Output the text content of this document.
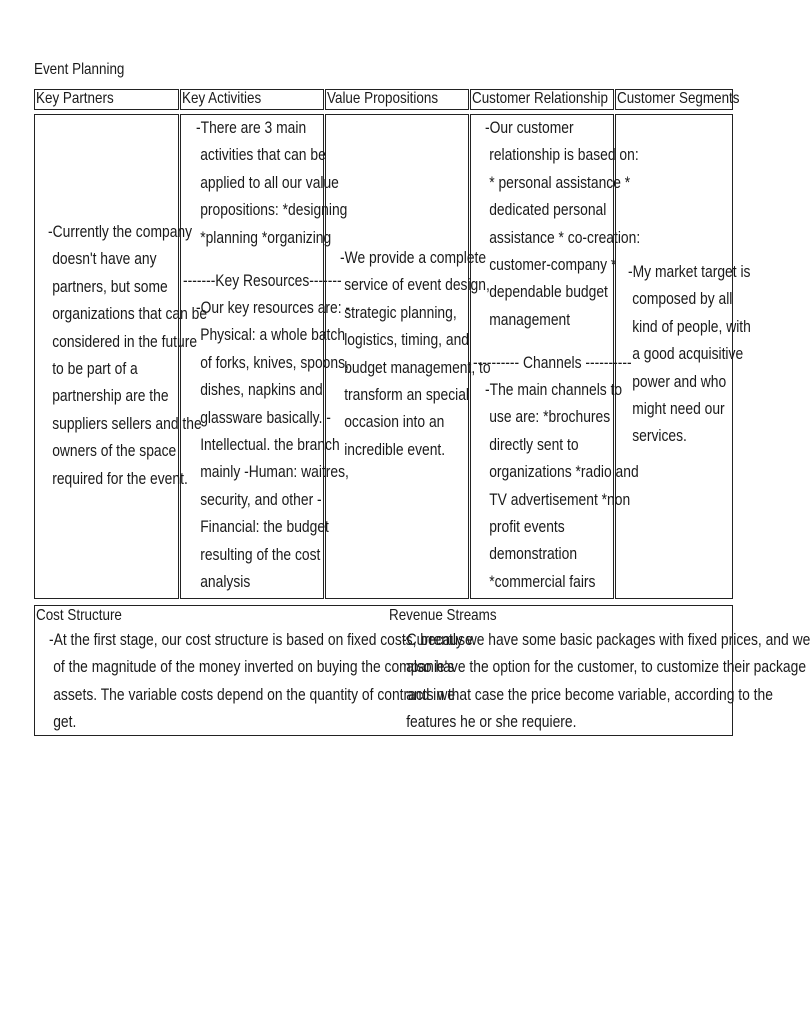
Event Planning
Key Partners	Key Activities	Value Propositions Customer Relationship Customer Segments
-Currently the company
doesn't have any
partners, but some
organizations that can be
considered in the future
to be part of a
partnership are the
suppliers sellers and the
owners of the space
required for the event.
-There are 3 main
activities that can be
applied to all our value
propositions: *designing
*planning *organizing
-------Key Resources-------
-Our key resources are: -
Physical: a whole batch
of forks, knives, spoons,
dishes, napkins and
glassware basically. -
Intellectual. the branch
mainly -Human: waitres,
security, and other -
Financial: the budget
resulting of the cost
analysis
-We provide a complete
service of event design,
strategic planning,
logistics, timing, and
budget management, to
transform an special
occasion into an
incredible event.
-Our customer
relationship is based on:
* personal assistance *
dedicated personal
assistance * co-creation:
customer-company *
dependable budget
management
---------- Channels ----------
-The main channels to
use are: *brochures
directly sent to
organizations *radio and
TV advertisement *non
profit events
demonstration
*commercial fairs
-My market target is
composed by all
kind of people, with
a good acquisitive
power and who
might need our
services.
Cost Structure
-At the first stage, our cost structure is based on fixed costs, because
of the magnitude of the money inverted on buying the companie's
assets. The variable costs depend on the quantity of contracts we
get.
Revenue Streams
-Currently we have some basic packages with fixed prices, and we
also have the option for the customer, to customize their package
and in that case the price become variable, according to the
features he or she requiere.
